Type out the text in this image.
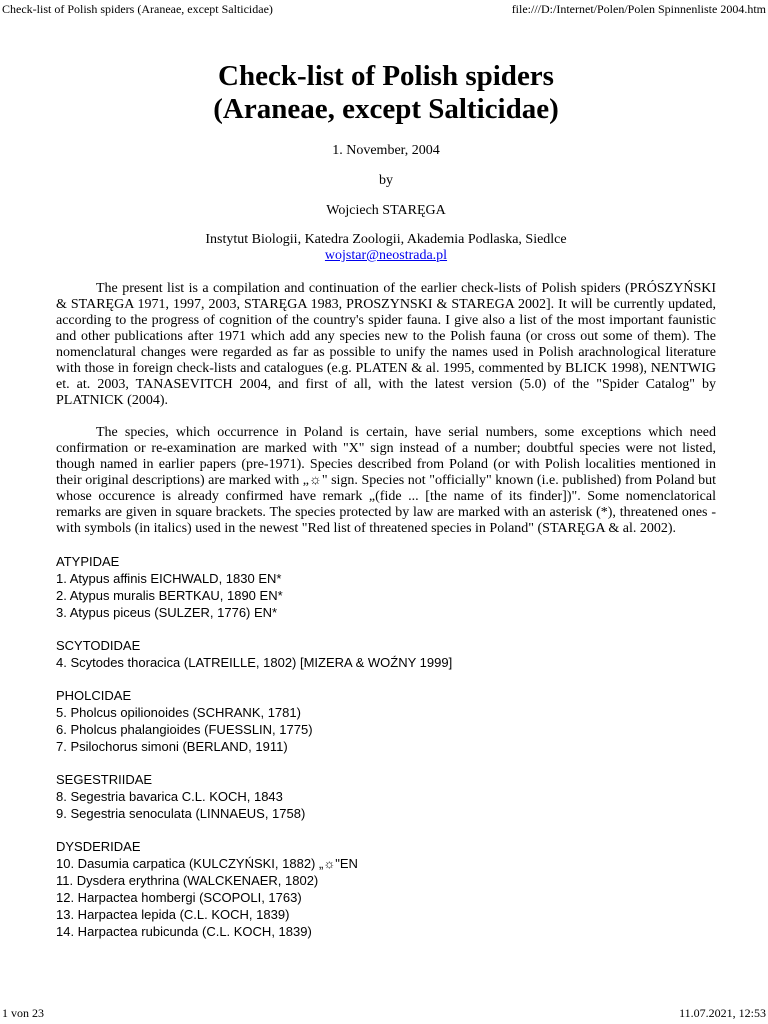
Check-list of Polish spiders (Araneae, except Salticidae)	file:///D:/Internet/Polen/Polen Spinnenliste 2004.htm
Check-list of Polish spiders
(Araneae, except Salticidae)
1. November, 2004
by
Wojciech STARĘGA
Instytut Biologii, Katedra Zoologii, Akademia Podlaska, Siedlce
wojstar@neostrada.pl

The present list is a compilation and continuation of the earlier check-lists of Polish spiders (PRÓSZYŃSKI & STARĘGA 1971, 1997, 2003, STARĘGA 1983, PROSZYNSKI & STAREGA 2002]. It will be currently updated, according to the progress of cognition of the country's spider fauna. I give also a list of the most important faunistic and other publications after 1971 which add any species new to the Polish fauna (or cross out some of them). The nomenclatural changes were regarded as far as possible to unify the names used in Polish arachnological literature with those in foreign check-lists and catalogues (e.g. PLATEN & al. 1995, commented by BLICK 1998), NENTWIG et. at. 2003, TANASEVITCH 2004, and first of all, with the latest version (5.0) of the "Spider Catalog" by PLATNICK (2004).

The species, which occurrence in Poland is certain, have serial numbers, some exceptions which need confirmation or re-examination are marked with "X" sign instead of a number; doubtful species were not listed, though named in earlier papers (pre-1971). Species described from Poland (or with Polish localities mentioned in their original descriptions) are marked with „☼" sign. Species not "officially" known (i.e. published) from Poland but whose occurence is already confirmed have remark „(fide ... [the name of its finder])". Some nomenclatorical remarks are given in square brackets. The species protected by law are marked with an asterisk (*), threatened ones - with symbols (in italics) used in the newest "Red list of threatened species in Poland" (STARĘGA & al. 2002).

ATYPIDAE
1. Atypus affinis EICHWALD, 1830 EN*
2. Atypus muralis BERTKAU, 1890 EN*
3. Atypus piceus (SULZER, 1776) EN*
SCYTODIDAE
4. Scytodes thoracica (LATREILLE, 1802) [MIZERA & WOŹNY 1999]
PHOLCIDAE
5. Pholcus opilionoides (SCHRANK, 1781)
6. Pholcus phalangioides (FUESSLIN, 1775)
7. Psilochorus simoni (BERLAND, 1911)
SEGESTRIIDAE
8. Segestria bavarica C.L. KOCH, 1843
9. Segestria senoculata (LINNAEUS, 1758)
DYSDERIDAE
10. Dasumia carpatica (KULCZYŃSKI, 1882) „☼"EN
11. Dysdera erythrina (WALCKENAER, 1802)
12. Harpactea hombergi (SCOPOLI, 1763)
13. Harpactea lepida (C.L. KOCH, 1839)
14. Harpactea rubicunda (C.L. KOCH, 1839)
1 von 23	11.07.2021, 12:53
